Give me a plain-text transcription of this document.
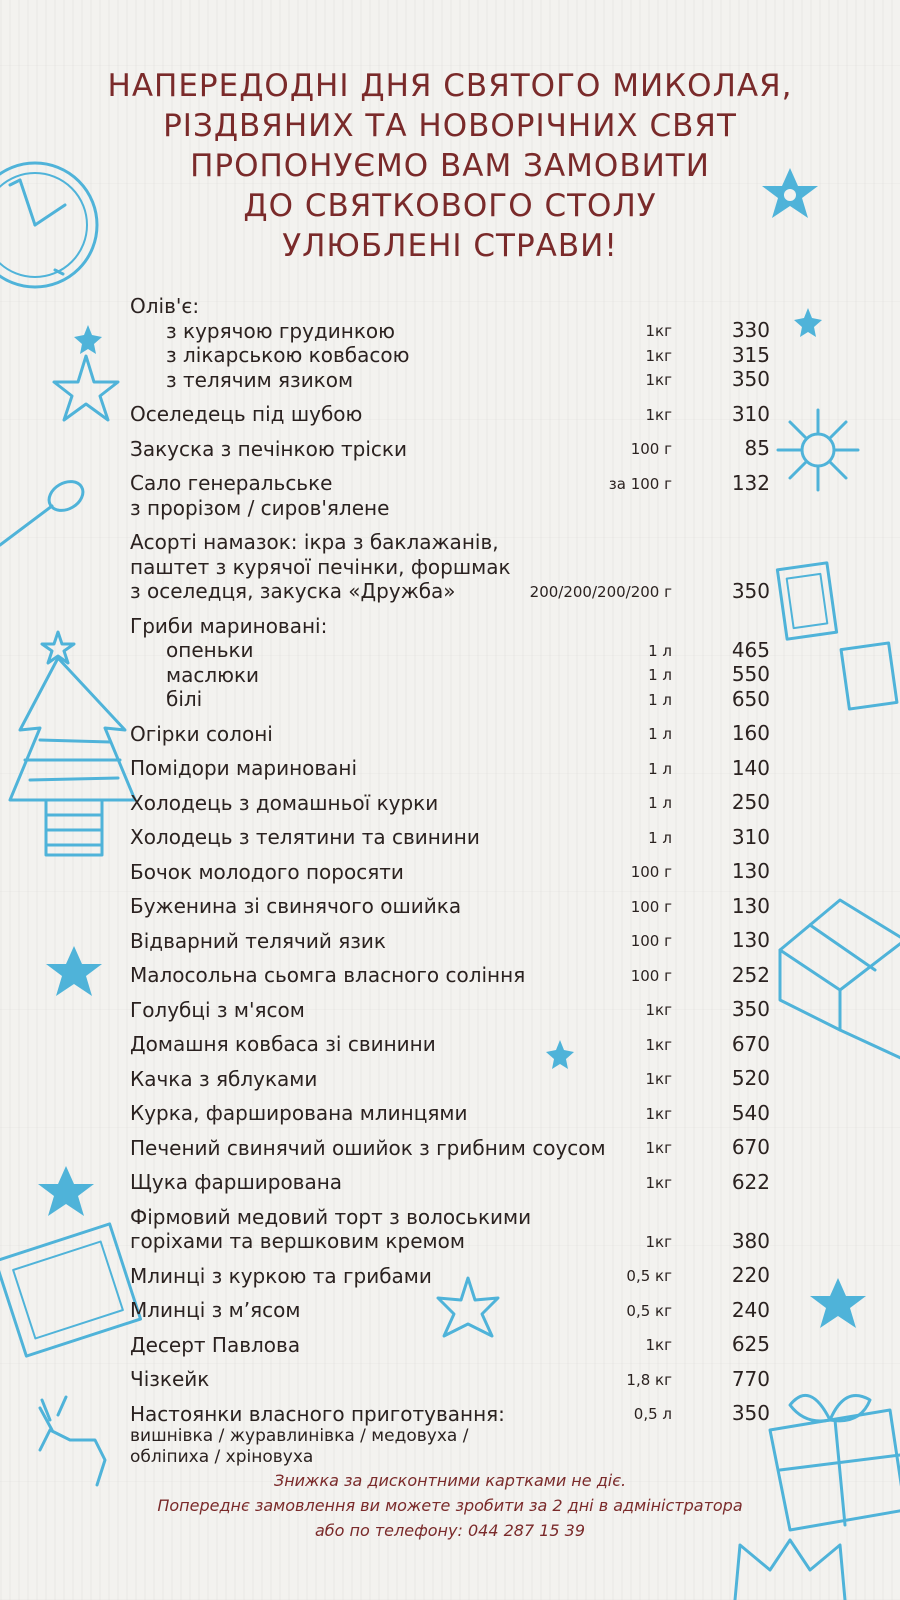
НАПЕРЕДОДНІ ДНЯ СВЯТОГО МИКОЛАЯ,
РІЗДВЯНИХ ТА НОВОРІЧНИХ СВЯТ
ПРОПОНУЄМО ВАМ ЗАМОВИТИ
ДО СВЯТКОВОГО СТОЛУ
УЛЮБЛЕНІ СТРАВИ!
Олів'є:
з курячою грудинкою	1кг	330
з лікарською ковбасою	1кг	315
з телячим язиком	1кг	350
Оселедець під шубою	1кг	310
Закуска з печінкою тріски	100 г	85
Сало генеральське
з прорізом / сиров'ялене
за 100 г	132
Асорті намазок: ікра з баклажанів,
паштет з курячої печінки, форшмак
з оселедця, закуска «Дружба»	200/200/200/200 г	350
Гриби мариновані:
опеньки	1 л	465
маслюки	1 л	550
білі	1 л	650
Огірки солоні	1 л	160
Помідори мариновані	1 л	140
Холодець з домашньої курки	1 л	250
Холодець з телятини та свинини	1 л	310
Бочок молодого поросяти	100 г	130
Буженина зі свинячого ошийка	100 г	130
Відварний телячий язик	100 г	130
Малосольна сьомга власного соління	100 г	252
Голубці з м'ясом	1кг	350
Домашня ковбаса зі свинини	1кг	670
Качка з яблуками	1кг	520
Курка, фарширована млинцями	1кг	540
Печений свинячий ошийок з грибним соусом	1кг	670
Щука фарширована	1кг	622
Фірмовий медовий торт з волоськими
горіхами та вершковим кремом	1кг	380
Млинці з куркою та грибами	0,5 кг	220
Млинці з м’ясом	0,5 кг	240
Десерт Павлова	1кг	625
Чізкейк	1,8 кг	770
Настоянки власного приготування:
вишнівка / журавлинівка / медовуха /
обліпиха / хріновуха
0,5 л	350
Знижка за дисконтними картками не діє.
Попереднє замовлення ви можете зробити за 2 дні в адміністратора
або по телефону: 044 287 15 39
